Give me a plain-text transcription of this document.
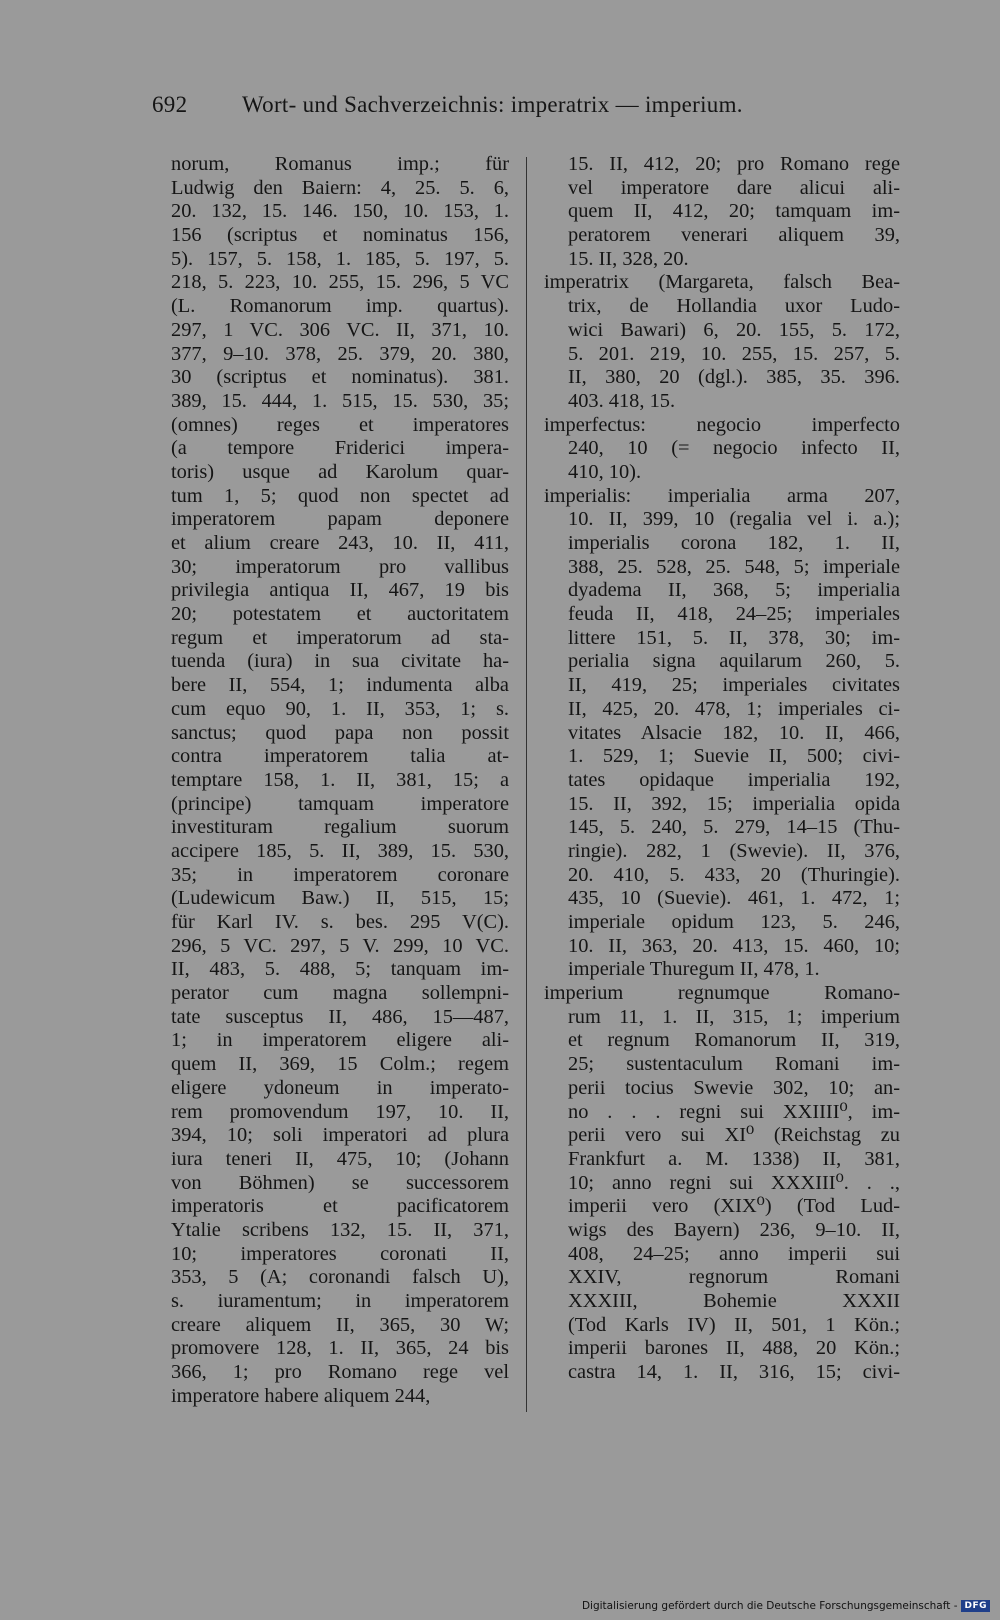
692 Wort- und Sachverzeichnis: imperatrix — imperium.
norum, Romanus imp.; für
Ludwig den Baiern: 4, 25. 5. 6,
20. 132, 15. 146. 150, 10. 153, 1.
156 (scriptus et nominatus 156,
5). 157, 5. 158, 1. 185, 5. 197, 5.
218, 5. 223, 10. 255, 15. 296, 5 VC
(L. Romanorum imp. quartus).
297, 1 VC. 306 VC. II, 371, 10.
377, 9–10. 378, 25. 379, 20. 380,
30 (scriptus et nominatus). 381.
389, 15. 444, 1. 515, 15. 530, 35;
(omnes) reges et imperatores
(a tempore Friderici impera-
toris) usque ad Karolum quar-
tum 1, 5; quod non spectet ad
imperatorem papam deponere
et alium creare 243, 10. II, 411,
30; imperatorum pro vallibus
privilegia antiqua II, 467, 19 bis
20; potestatem et auctoritatem
regum et imperatorum ad sta-
tuenda (iura) in sua civitate ha-
bere II, 554, 1; indumenta alba
cum equo 90, 1. II, 353, 1; s.
sanctus; quod papa non possit
contra imperatorem talia at-
temptare 158, 1. II, 381, 15; a
(principe) tamquam imperatore
investituram regalium suorum
accipere 185, 5. II, 389, 15. 530,
35; in imperatorem coronare
(Ludewicum Baw.) II, 515, 15;
für Karl IV. s. bes. 295 V(C).
296, 5 VC. 297, 5 V. 299, 10 VC.
II, 483, 5. 488, 5; tanquam im-
perator cum magna sollempni-
tate susceptus II, 486, 15—487,
1; in imperatorem eligere ali-
quem II, 369, 15 Colm.; regem
eligere ydoneum in imperato-
rem promovendum 197, 10. II,
394, 10; soli imperatori ad plura
iura teneri II, 475, 10; (Johann
von Böhmen) se successorem
imperatoris et pacificatorem
Ytalie scribens 132, 15. II, 371,
10; imperatores coronati II,
353, 5 (A; coronandi falsch U),
s. iuramentum; in imperatorem
creare aliquem II, 365, 30 W;
promovere 128, 1. II, 365, 24 bis
366, 1; pro Romano rege vel
imperatore habere aliquem 244,
15. II, 412, 20; pro Romano rege
vel imperatore dare alicui ali-
quem II, 412, 20; tamquam im-
peratorem venerari aliquem 39,
15. II, 328, 20.
imperatrix (Margareta, falsch Bea-
trix, de Hollandia uxor Ludo-
wici Bawari) 6, 20. 155, 5. 172,
5. 201. 219, 10. 255, 15. 257, 5.
II, 380, 20 (dgl.). 385, 35. 396.
403. 418, 15.
imperfectus: negocio imperfecto
240, 10 (= negocio infecto II,
410, 10).
imperialis: imperialia arma 207,
10. II, 399, 10 (regalia vel i. a.);
imperialis corona 182, 1. II,
388, 25. 528, 25. 548, 5; imperiale
dyadema II, 368, 5; imperialia
feuda II, 418, 24–25; imperiales
littere 151, 5. II, 378, 30; im-
perialia signa aquilarum 260, 5.
II, 419, 25; imperiales civitates
II, 425, 20. 478, 1; imperiales ci-
vitates Alsacie 182, 10. II, 466,
1. 529, 1; Suevie II, 500; civi-
tates opidaque imperialia 192,
15. II, 392, 15; imperialia opida
145, 5. 240, 5. 279, 14–15 (Thu-
ringie). 282, 1 (Swevie). II, 376,
20. 410, 5. 433, 20 (Thuringie).
435, 10 (Suevie). 461, 1. 472, 1;
imperiale opidum 123, 5. 246,
10. II, 363, 20. 413, 15. 460, 10;
imperiale Thuregum II, 478, 1.
imperium regnumque Romano-
rum 11, 1. II, 315, 1; imperium
et regnum Romanorum II, 319,
25; sustentaculum Romani im-
perii tocius Swevie 302, 10; an-
no . . . regni sui XXIIII⁰, im-
perii vero sui XI⁰ (Reichstag zu
Frankfurt a. M. 1338) II, 381,
10; anno regni sui XXXIII⁰. . .,
imperii vero (XIX⁰) (Tod Lud-
wigs des Bayern) 236, 9–10. II,
408, 24–25; anno imperii sui
XXIV, regnorum Romani
XXXIII, Bohemie XXXII
(Tod Karls IV) II, 501, 1 Kön.;
imperii barones II, 488, 20 Kön.;
castra 14, 1. II, 316, 15; civi-
Digitalisierung gefördert durch die Deutsche Forschungsgemeinschaft - DFG
